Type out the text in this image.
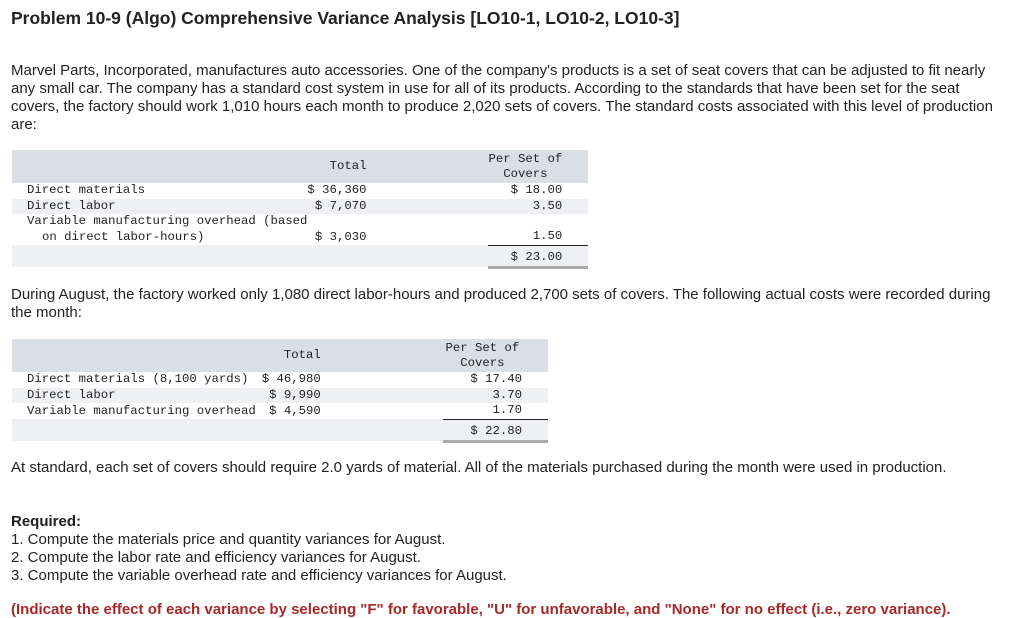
Problem 10-9 (Algo) Comprehensive Variance Analysis [LO10-1, LO10-2, LO10-3]
Marvel Parts, Incorporated, manufactures auto accessories. One of the company's products is a set of seat covers that can be adjusted to fit nearly any small car. The company has a standard cost system in use for all of its products. According to the standards that have been set for the seat covers, the factory should work 1,010 hours each month to produce 2,020 sets of covers. The standard costs associated with this level of production are:
	Total	Per Set of
Covers

Direct materials	$ 36,360	$ 18.00
Direct labor	$ 7,070	3.50

Variable manufacturing overhead (based
on direct labor-hours)	$ 3,030	1.50
		$ 23.00
During August, the factory worked only 1,080 direct labor-hours and produced 2,700 sets of covers. The following actual costs were recorded during the month:
	Total	Per Set of
Covers

Direct materials (8,100 yards)	$ 46,980	$ 17.40
Direct labor	$ 9,990	3.70
Variable manufacturing overhead	$ 4,590	1.70
		$ 22.80
At standard, each set of covers should require 2.0 yards of material. All of the materials purchased during the month were used in production.
Required:
1. Compute the materials price and quantity variances for August.
2. Compute the labor rate and efficiency variances for August.
3. Compute the variable overhead rate and efficiency variances for August.
(Indicate the effect of each variance by selecting "F" for favorable, "U" for unfavorable, and "None" for no effect (i.e., zero variance).
